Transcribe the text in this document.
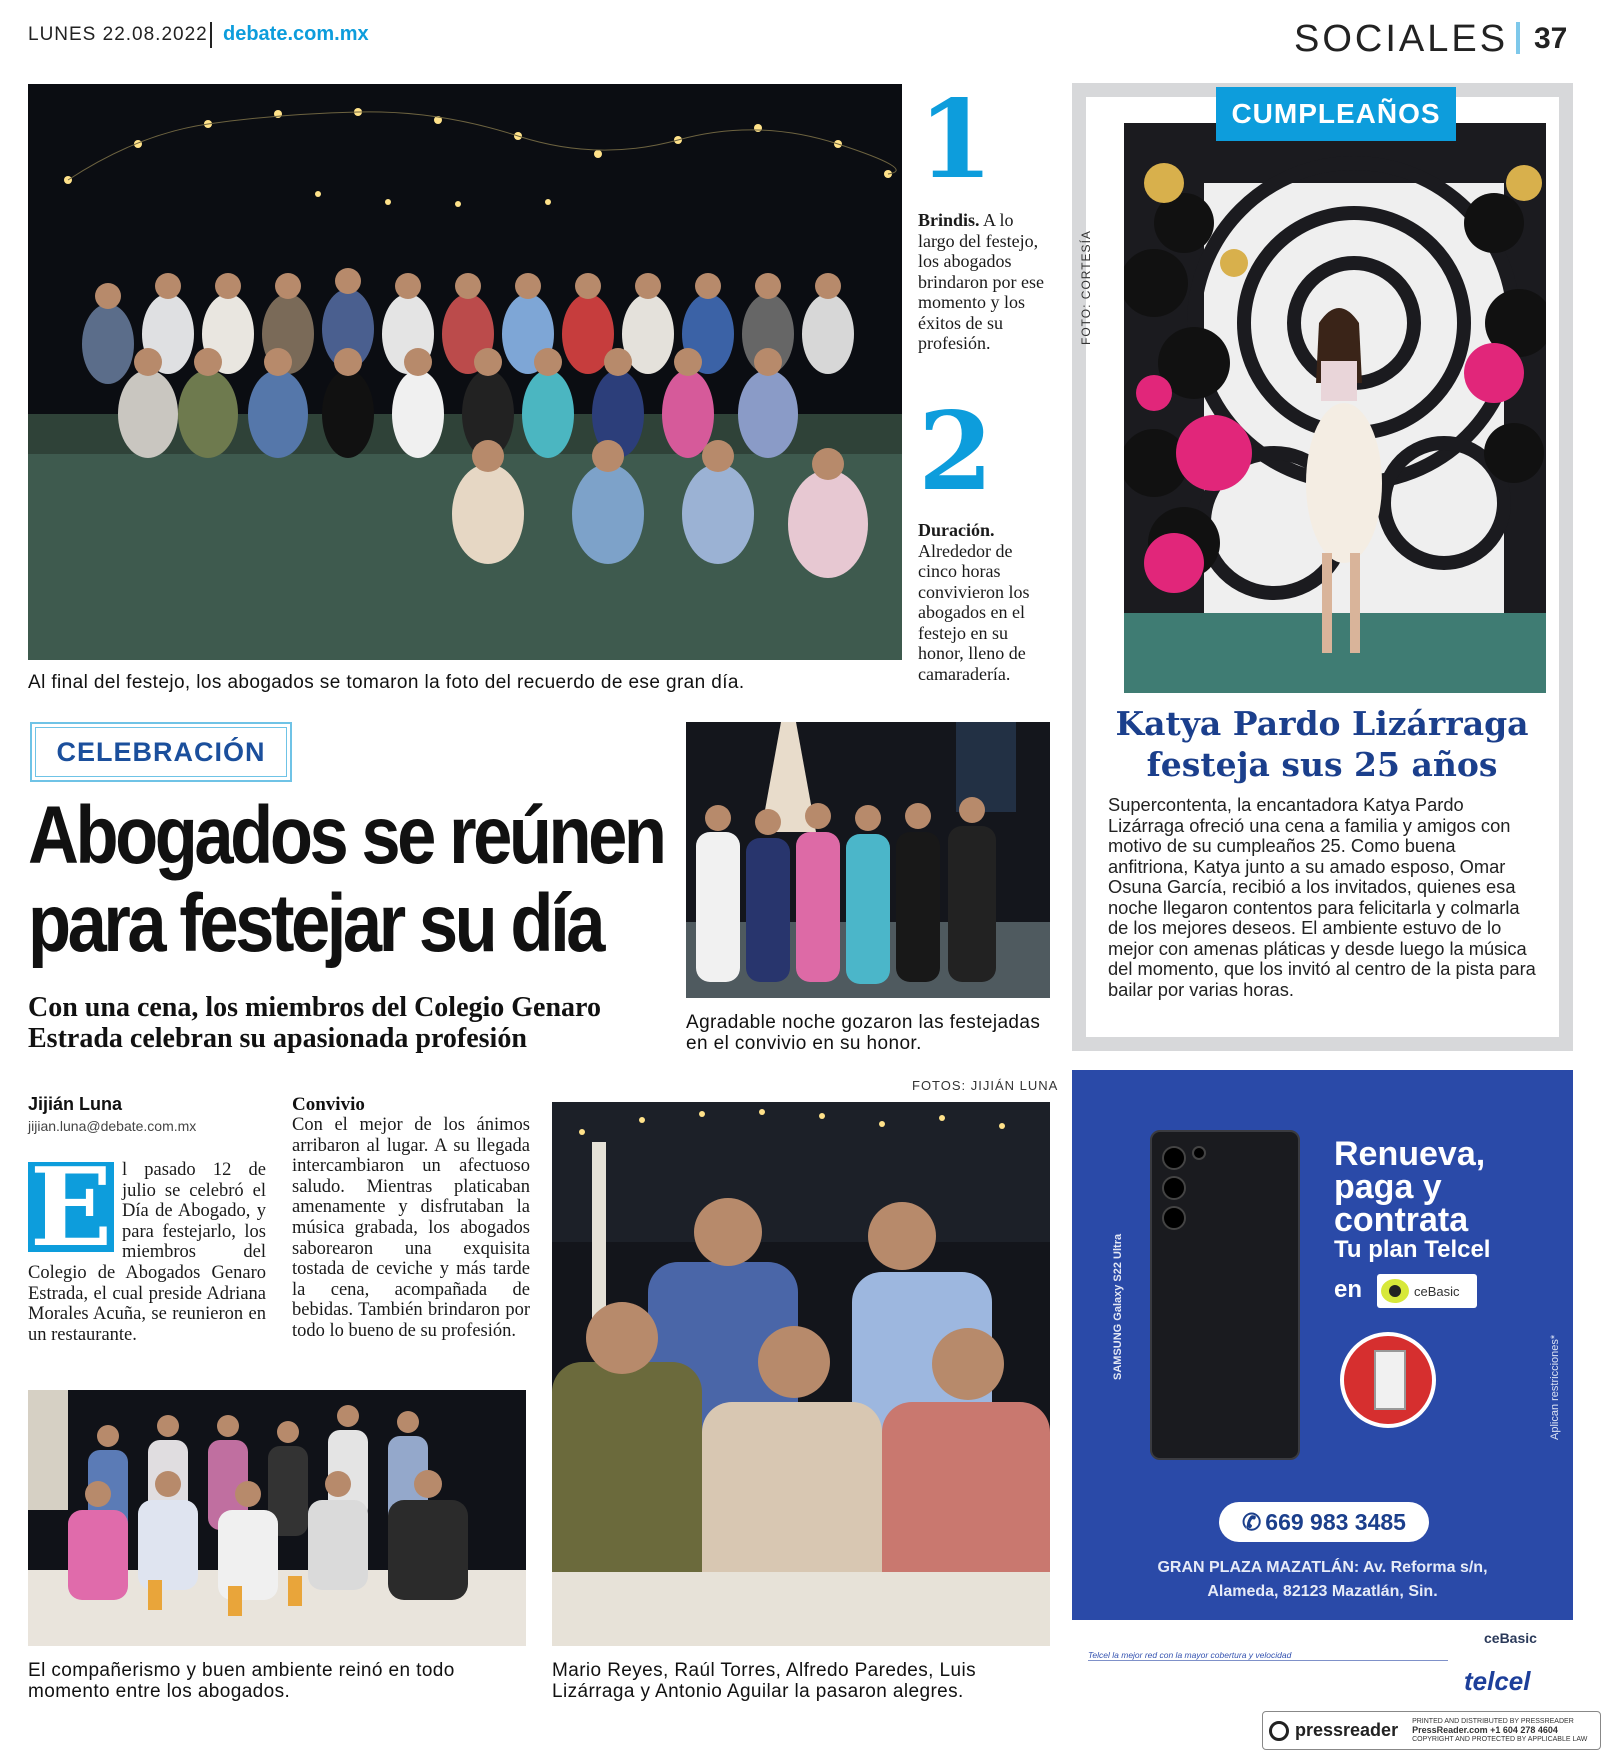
LUNES 22.08.2022 debate.com.mx	SOCIALES 37
Al final del festejo, los abogados se tomaron la foto del recuerdo de ese gran día.
1
Brindis. A lo largo del festejo, los abogados brindaron por ese momento y los éxitos de su profesión.
2
Duración. Alrededor de cinco horas convivieron los abogados en el festejo en su honor, lleno de camaradería.
CELEBRACIÓN
Abogados se reúnen
para festejar su día
Con una cena, los miembros del Colegio Genaro Estrada celebran su apasionada profesión
Agradable noche gozaron las festejadas en el convivio en su honor.
Jijián Luna
jijian.luna@debate.com.mx
FOTOS: JIJIÁN LUNA
E l pasado 12 de julio se celebró el Día de Abogado, y para festejarlo, los miembros del Colegio de Abogados Genaro Estrada, el cual preside Adriana Morales Acuña, se reunieron en un restaurante.
Convivio
Con el mejor de los ánimos arribaron al lugar. A su llegada intercambiaron un afectuoso saludo. Mientras platicaban amenamente y disfrutaban la música grabada, los abogados saborearon una exquisita tostada de ceviche y más tarde la cena, acompañada de bebidas. También brindaron por todo lo bueno de su profesión.
El compañerismo y buen ambiente reinó en todo momento entre los abogados.
Mario Reyes, Raúl Torres, Alfredo Paredes, Luis Lizárraga y Antonio Aguilar la pasaron alegres.
CUMPLEAÑOS
FOTO: CORTESÍA
Katya Pardo Lizárraga festeja sus 25 años
Supercontenta, la encantadora Katya Pardo Lizárraga ofreció una cena a familia y amigos con motivo de su cumpleaños 25. Como buena anfitriona, Katya junto a su amado esposo, Omar Osuna García, recibió a los invitados, quienes esa noche llegaron contentos para felicitarla y colmarla de los mejores deseos. El ambiente estuvo de lo mejor con amenas pláticas y desde luego la música del momento, que los invitó al centro de la pista para bailar por varias horas.
SAMSUNG Galaxy S22 Ultra
Renueva, paga y contrata
Tu plan Telcel
en	ceBasic
Aplican restricciones*
✆ 669 983 3485
GRAN PLAZA MAZATLÁN: Av. Reforma s/n,
Alameda, 82123 Mazatlán, Sin.
ceBasic
Telcel la mejor red con la mayor cobertura y velocidad
telcel
pressreader PRINTED AND DISTRIBUTED BY PRESSREADER
PressReader.com +1 604 278 4604
COPYRIGHT AND PROTECTED BY APPLICABLE LAW
